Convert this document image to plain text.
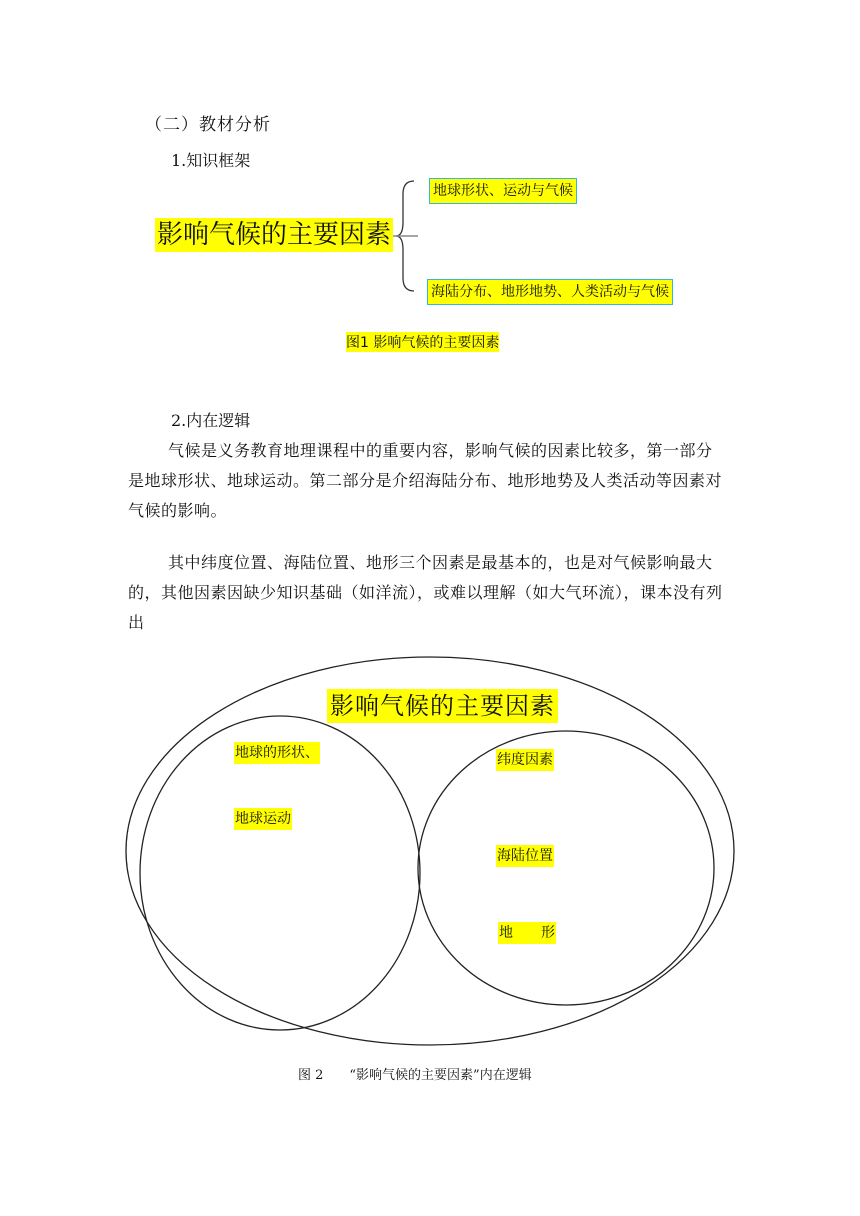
（二）教材分析
1.知识框架
影响气候的主要因素
地球形状、运动与气候
海陆分布、地形地势、人类活动与气候
图1 影响气候的主要因素
2.内在逻辑
气候是义务教育地理课程中的重要内容，影响气候的因素比较多，第一部分是地球形状、地球运动。第二部分是介绍海陆分布、地形地势及人类活动等因素对气候的影响。
其中纬度位置、海陆位置、地形三个因素是最基本的，也是对气候影响最大的，其他因素因缺少知识基础（如洋流），或难以理解（如大气环流），课本没有列出
影响气候的主要因素
地球的形状、
地球运动
纬度因素
海陆位置
地　　形
图 2　　“影响气候的主要因素”内在逻辑
